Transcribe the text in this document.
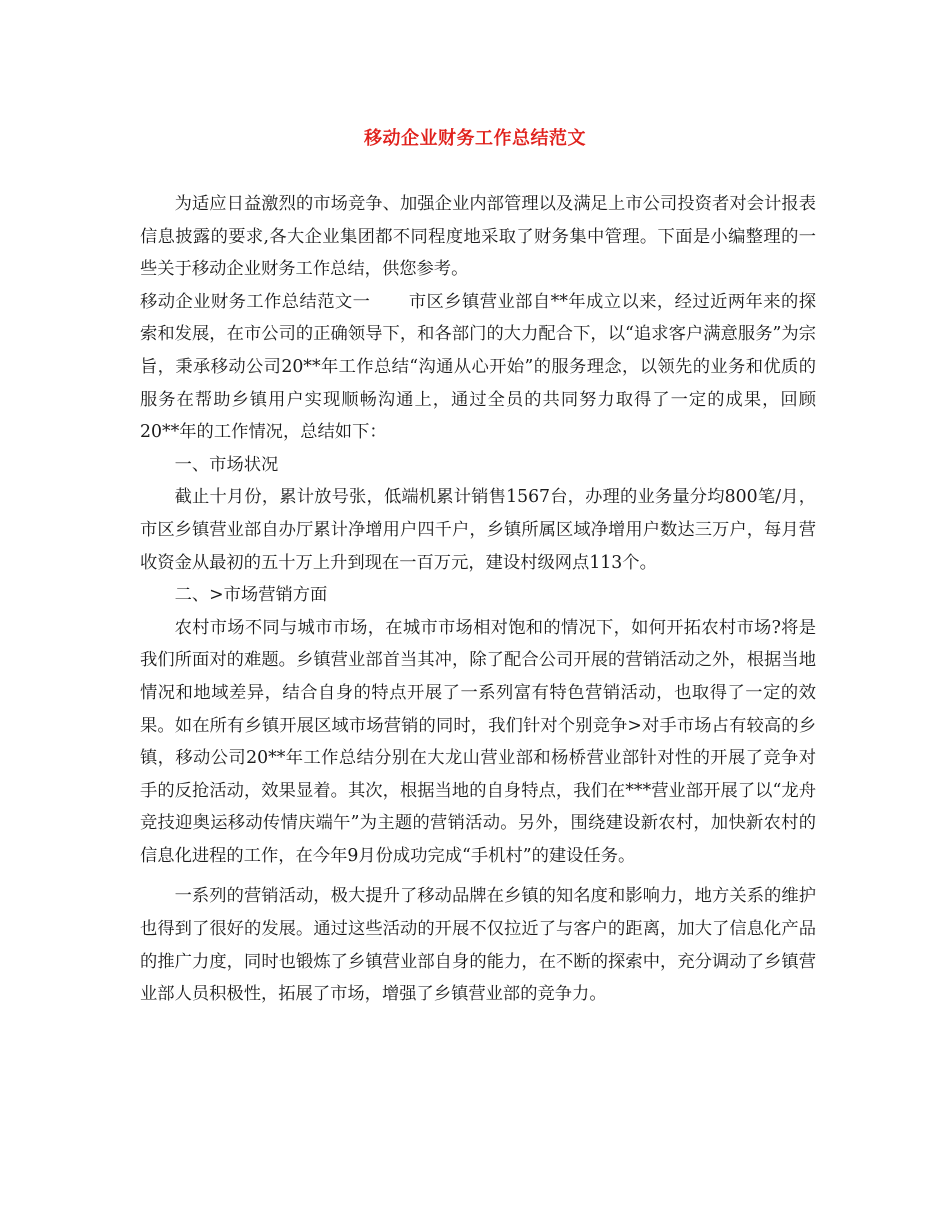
移动企业财务工作总结范文

为适应日益激烈的市场竞争、加强企业内部管理以及满足上市公司投资者对会计报表信息披露的要求,各大企业集团都不同程度地采取了财务集中管理。下面是小编整理的一些关于移动企业财务工作总结，供您参考。

移动企业财务工作总结范文一 市区乡镇营业部自**年成立以来，经过近两年来的探索和发展，在市公司的正确领导下，和各部门的大力配合下，以“追求客户满意服务”为宗旨，秉承移动公司20**年工作总结“沟通从心开始”的服务理念，以领先的业务和优质的服务在帮助乡镇用户实现顺畅沟通上，通过全员的共同努力取得了一定的成果，回顾20**年的工作情况，总结如下：

一、市场状况

截止十月份，累计放号张，低端机累计销售1567台，办理的业务量分均800笔/月，市区乡镇营业部自办厅累计净增用户四千户，乡镇所属区域净增用户数达三万户，每月营收资金从最初的五十万上升到现在一百万元，建设村级网点113个。

二、>市场营销方面

农村市场不同与城市市场，在城市市场相对饱和的情况下，如何开拓农村市场?将是我们所面对的难题。乡镇营业部首当其冲，除了配合公司开展的营销活动之外，根据当地情况和地域差异，结合自身的特点开展了一系列富有特色营销活动，也取得了一定的效果。如在所有乡镇开展区域市场营销的同时，我们针对个别竞争>对手市场占有较高的乡镇，移动公司20**年工作总结分别在大龙山营业部和杨桥营业部针对性的开展了竞争对手的反抢活动，效果显着。其次，根据当地的自身特点，我们在***营业部开展了以“龙舟竞技迎奥运移动传情庆端午”为主题的营销活动。另外，围绕建设新农村，加快新农村的信息化进程的工作，在今年9月份成功完成“手机村”的建设任务。

一系列的营销活动，极大提升了移动品牌在乡镇的知名度和影响力，地方关系的维护也得到了很好的发展。通过这些活动的开展不仅拉近了与客户的距离，加大了信息化产品的推广力度，同时也锻炼了乡镇营业部自身的能力，在不断的探索中，充分调动了乡镇营业部人员积极性，拓展了市场，增强了乡镇营业部的竞争力。
